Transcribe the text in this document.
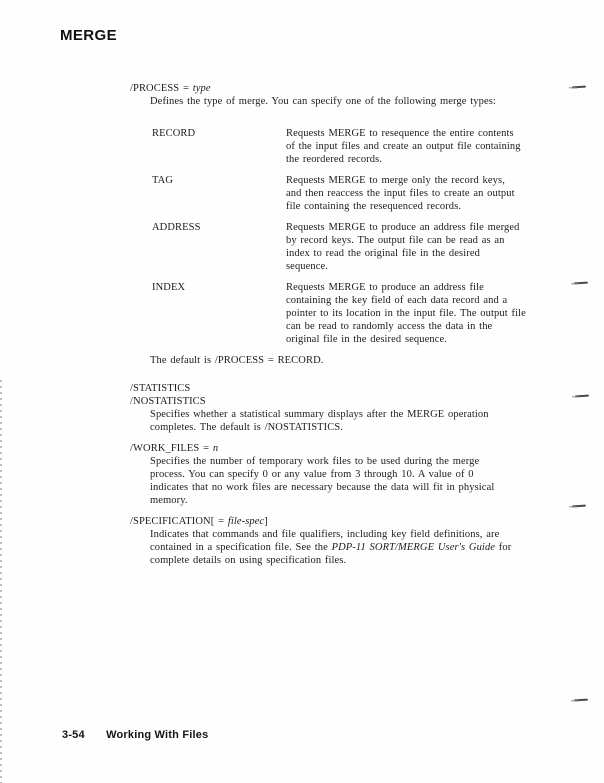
MERGE
/PROCESS = type
Defines the type of merge. You can specify one of the following merge types:
RECORD	Requests MERGE to resequence the entire contents
of the input files and create an output file containing
the reordered records.
TAG	Requests MERGE to merge only the record keys,
and then reaccess the input files to create an output
file containing the resequenced records.
ADDRESS	Requests MERGE to produce an address file merged
by record keys. The output file can be read as an
index to read the original file in the desired
sequence.
INDEX	Requests MERGE to produce an address file
containing the key field of each data record and a
pointer to its location in the input file. The output file
can be read to randomly access the data in the
original file in the desired sequence.
The default is /PROCESS = RECORD.
/STATISTICS
/NOSTATISTICS
Specifies whether a statistical summary displays after the MERGE operation
completes. The default is /NOSTATISTICS.
/WORK_FILES = n
Specifies the number of temporary work files to be used during the merge
process. You can specify 0 or any value from 3 through 10. A value of 0
indicates that no work files are necessary because the data will fit in physical
memory.
/SPECIFICATION[ = file-spec]
Indicates that commands and file qualifiers, including key field definitions, are
contained in a specification file. See the PDP-11 SORT/MERGE User's Guide for
complete details on using specification files.
3-54 Working With Files
